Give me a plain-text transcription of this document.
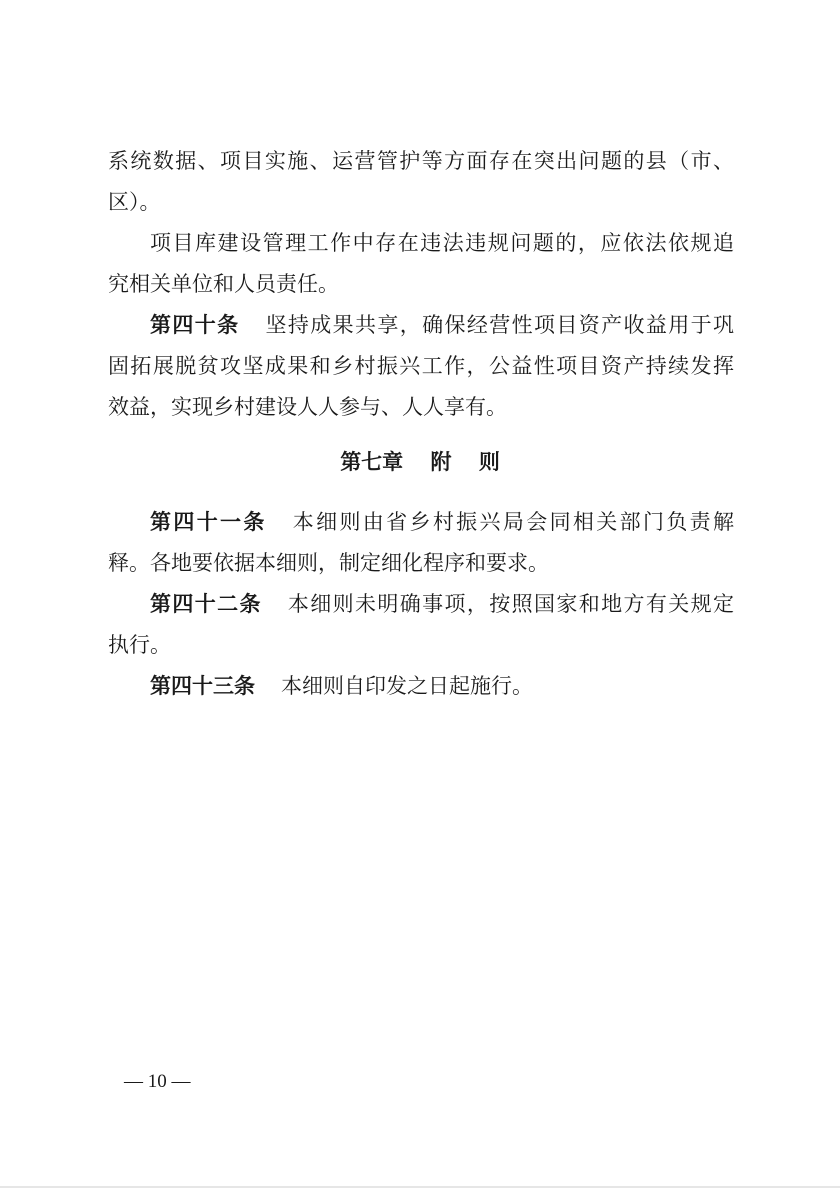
系统数据、项目实施、运营管护等方面存在突出问题的县（市、
区）。
项目库建设管理工作中存在违法违规问题的，应依法依规追
究相关单位和人员责任。
第四十条 坚持成果共享，确保经营性项目资产收益用于巩
固拓展脱贫攻坚成果和乡村振兴工作，公益性项目资产持续发挥
效益，实现乡村建设人人参与、人人享有。
第七章 附 则
第四十一条 本细则由省乡村振兴局会同相关部门负责解
释。各地要依据本细则，制定细化程序和要求。
第四十二条 本细则未明确事项，按照国家和地方有关规定
执行。
第四十三条 本细则自印发之日起施行。
— 10 —
